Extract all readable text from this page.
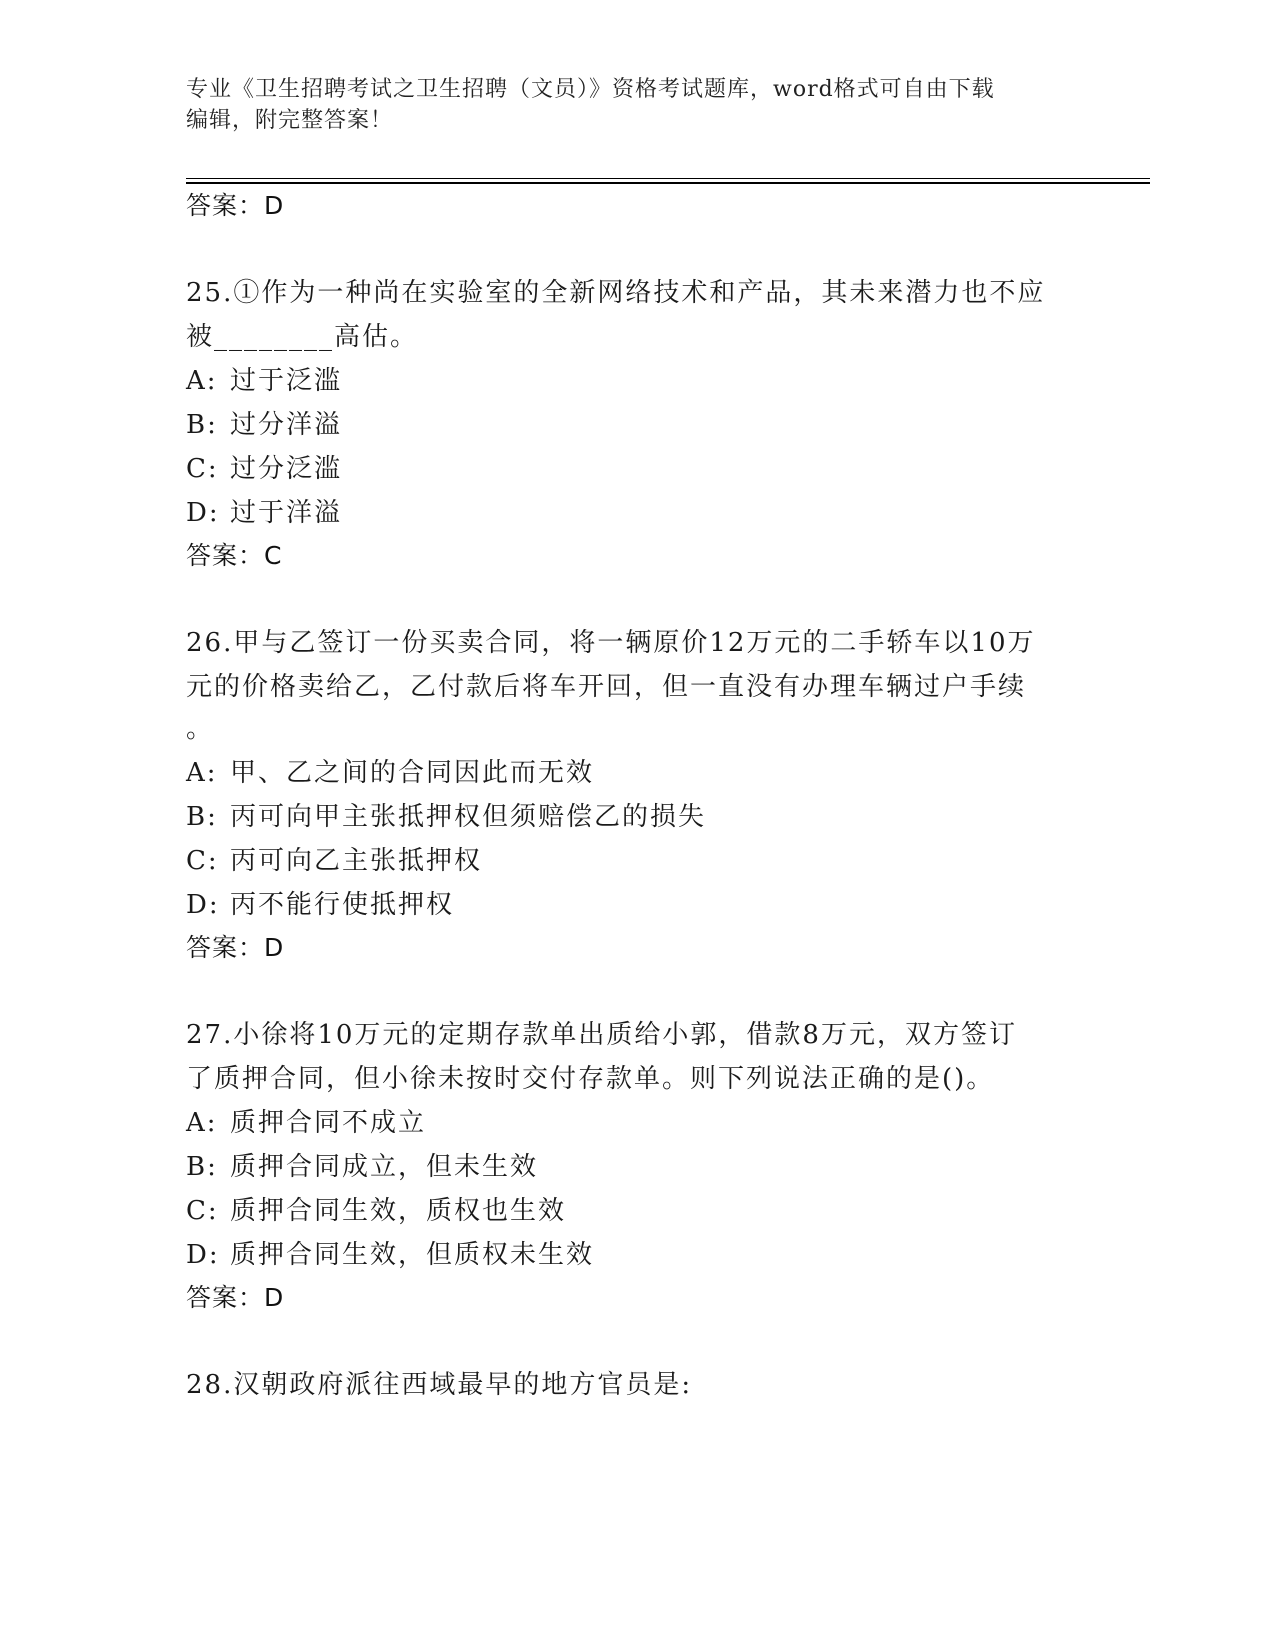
专业《卫生招聘考试之卫生招聘（文员）》资格考试题库，word格式可自由下载
编辑，附完整答案！
答案：D
25.①作为一种尚在实验室的全新网络技术和产品，其未来潜力也不应
被________高估。
A: 过于泛滥
B: 过分洋溢
C: 过分泛滥
D: 过于洋溢
答案：C
26.甲与乙签订一份买卖合同，将一辆原价12万元的二手轿车以10万
元的价格卖给乙，乙付款后将车开回，但一直没有办理车辆过户手续
。
A: 甲、乙之间的合同因此而无效
B: 丙可向甲主张抵押权但须赔偿乙的损失
C: 丙可向乙主张抵押权
D: 丙不能行使抵押权
答案：D
27.小徐将10万元的定期存款单出质给小郭，借款8万元，双方签订
了质押合同，但小徐未按时交付存款单。则下列说法正确的是()。
A: 质押合同不成立
B: 质押合同成立，但未生效
C: 质押合同生效，质权也生效
D: 质押合同生效，但质权未生效
答案：D
28.汉朝政府派往西域最早的地方官员是:
